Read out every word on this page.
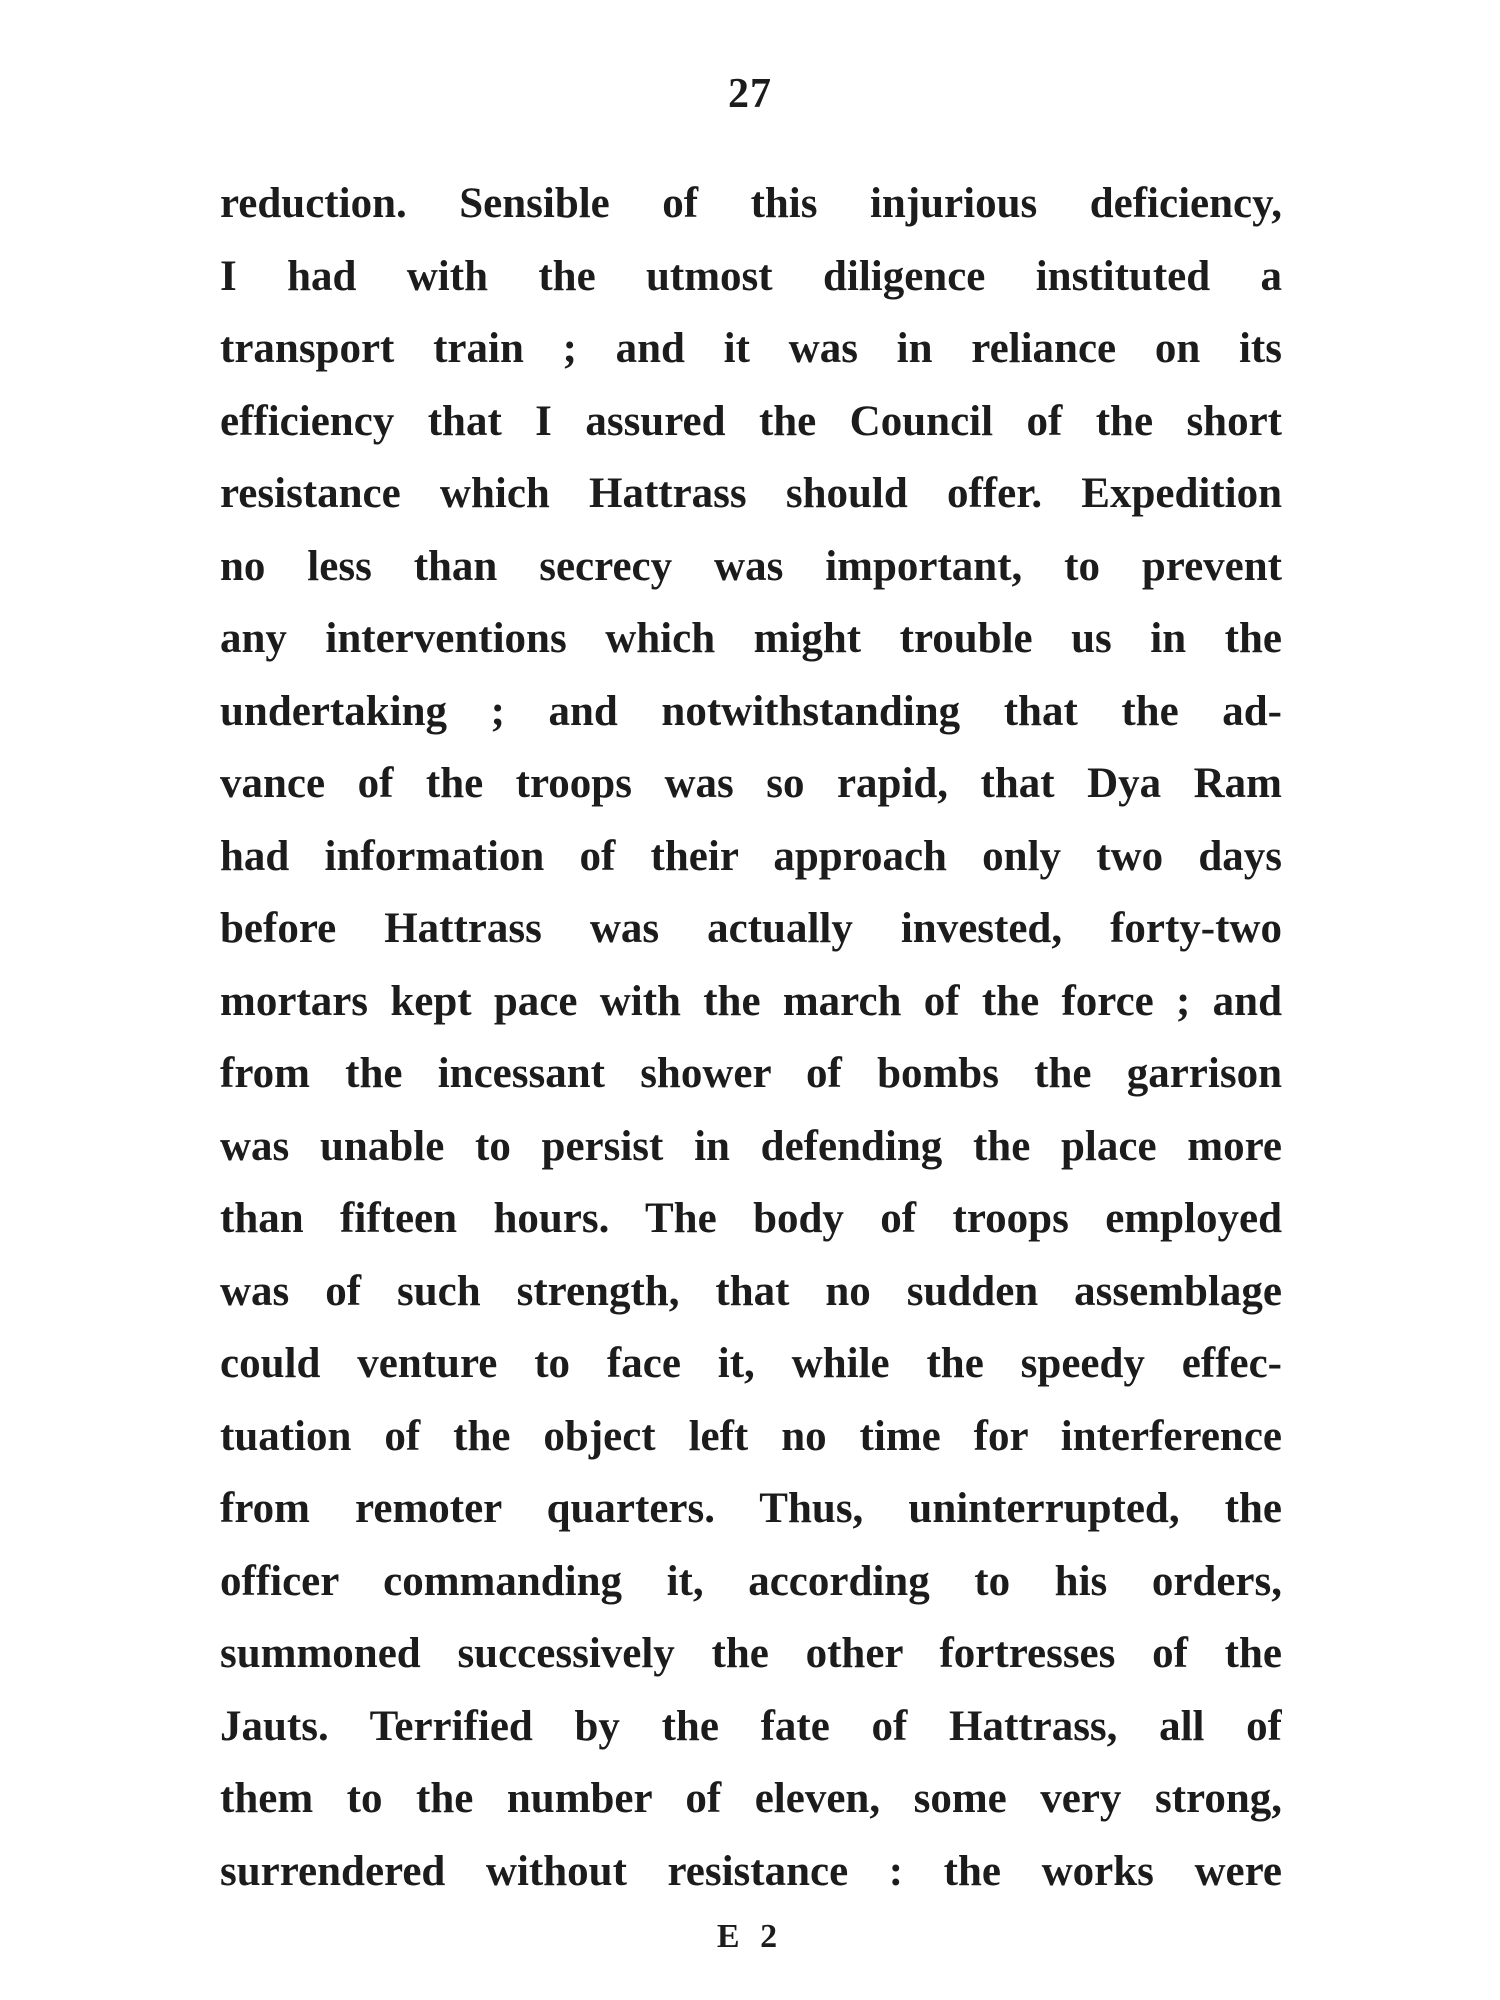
27
reduction. Sensible of this injurious deficiency,
I had with the utmost diligence instituted a
transport train ; and it was in reliance on its
efficiency that I assured the Council of the short
resistance which Hattrass should offer. Expedition
no less than secrecy was important, to prevent
any interventions which might trouble us in the
undertaking ; and notwithstanding that the ad-
vance of the troops was so rapid, that Dya Ram
had information of their approach only two days
before Hattrass was actually invested, forty-two
mortars kept pace with the march of the force ; and
from the incessant shower of bombs the garrison
was unable to persist in defending the place more
than fifteen hours. The body of troops employed
was of such strength, that no sudden assemblage
could venture to face it, while the speedy effec-
tuation of the object left no time for interference
from remoter quarters. Thus, uninterrupted, the
officer commanding it, according to his orders,
summoned successively the other fortresses of the
Jauts. Terrified by the fate of Hattrass, all of
them to the number of eleven, some very strong,
surrendered without resistance : the works were
E 2
